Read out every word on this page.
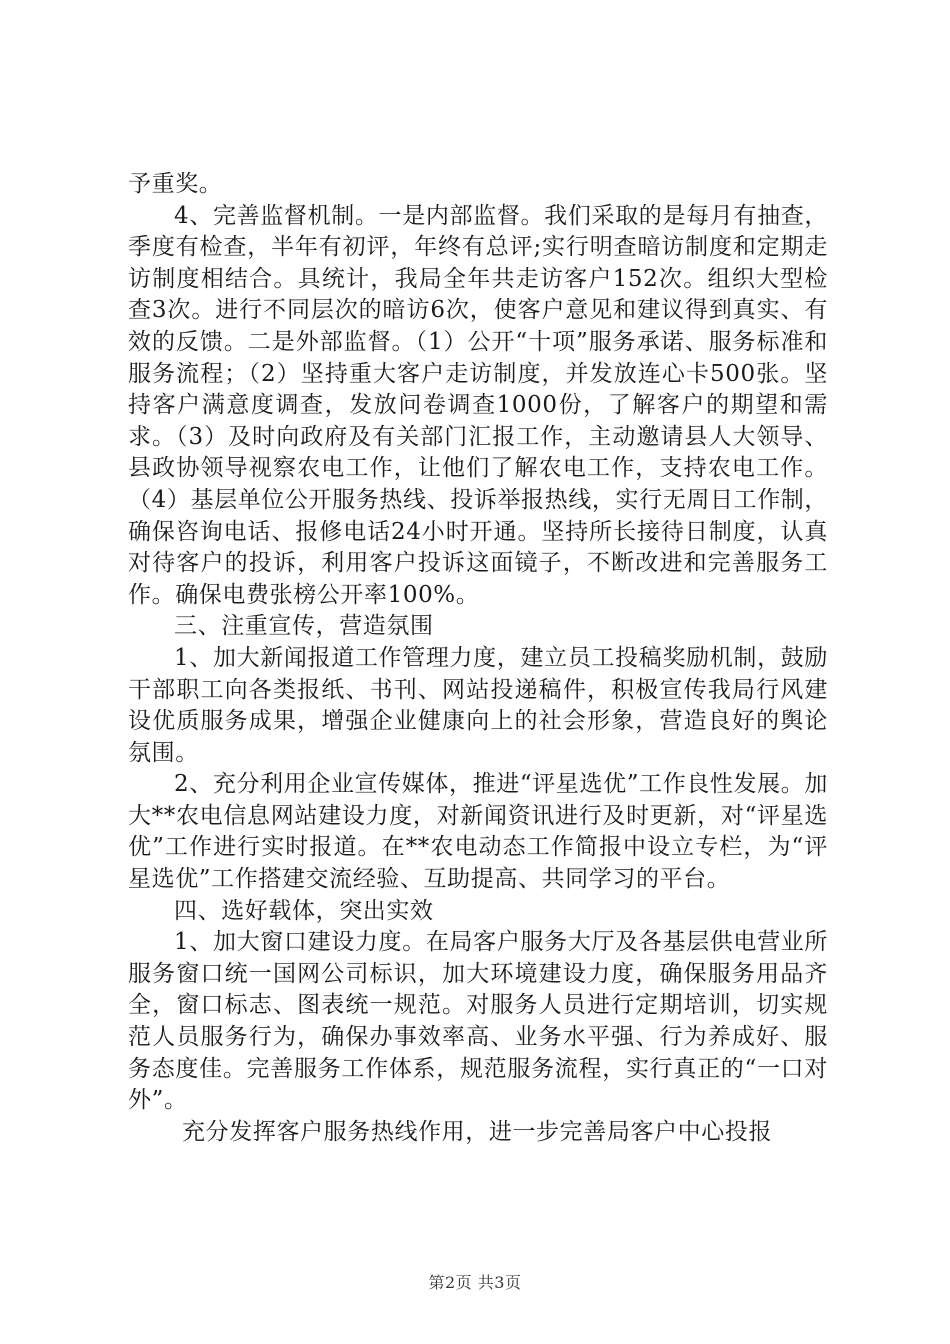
予重奖。

4、完善监督机制。一是内部监督。我们采取的是每月有抽查，季度有检查，半年有初评，年终有总评;实行明查暗访制度和定期走访制度相结合。具统计，我局全年共走访客户152次。组织大型检查3次。进行不同层次的暗访6次，使客户意见和建议得到真实、有效的反馈。二是外部监督。（1）公开“十项”服务承诺、服务标准和服务流程；（2）坚持重大客户走访制度，并发放连心卡500张。坚持客户满意度调查，发放问卷调查1000份，了解客户的期望和需求。（3）及时向政府及有关部门汇报工作，主动邀请县人大领导、县政协领导视察农电工作，让他们了解农电工作，支持农电工作。（4）基层单位公开服务热线、投诉举报热线，实行无周日工作制，确保咨询电话、报修电话24小时开通。坚持所长接待日制度，认真对待客户的投诉，利用客户投诉这面镜子，不断改进和完善服务工作。确保电费张榜公开率100%。

三、注重宣传，营造氛围

1、加大新闻报道工作管理力度，建立员工投稿奖励机制，鼓励干部职工向各类报纸、书刊、网站投递稿件，积极宣传我局行风建设优质服务成果，增强企业健康向上的社会形象，营造良好的舆论氛围。

2、充分利用企业宣传媒体，推进“评星选优”工作良性发展。加大**农电信息网站建设力度，对新闻资讯进行及时更新，对“评星选优”工作进行实时报道。在**农电动态工作简报中设立专栏，为“评星选优”工作搭建交流经验、互助提高、共同学习的平台。

四、选好载体，突出实效

1、加大窗口建设力度。在局客户服务大厅及各基层供电营业所服务窗口统一国网公司标识，加大环境建设力度，确保服务用品齐全，窗口标志、图表统一规范。对服务人员进行定期培训，切实规范人员服务行为，确保办事效率高、业务水平强、行为养成好、服务态度佳。完善服务工作体系，规范服务流程，实行真正的“一口对外”。

充分发挥客户服务热线作用，进一步完善局客户中心投报

第2页 共3页
